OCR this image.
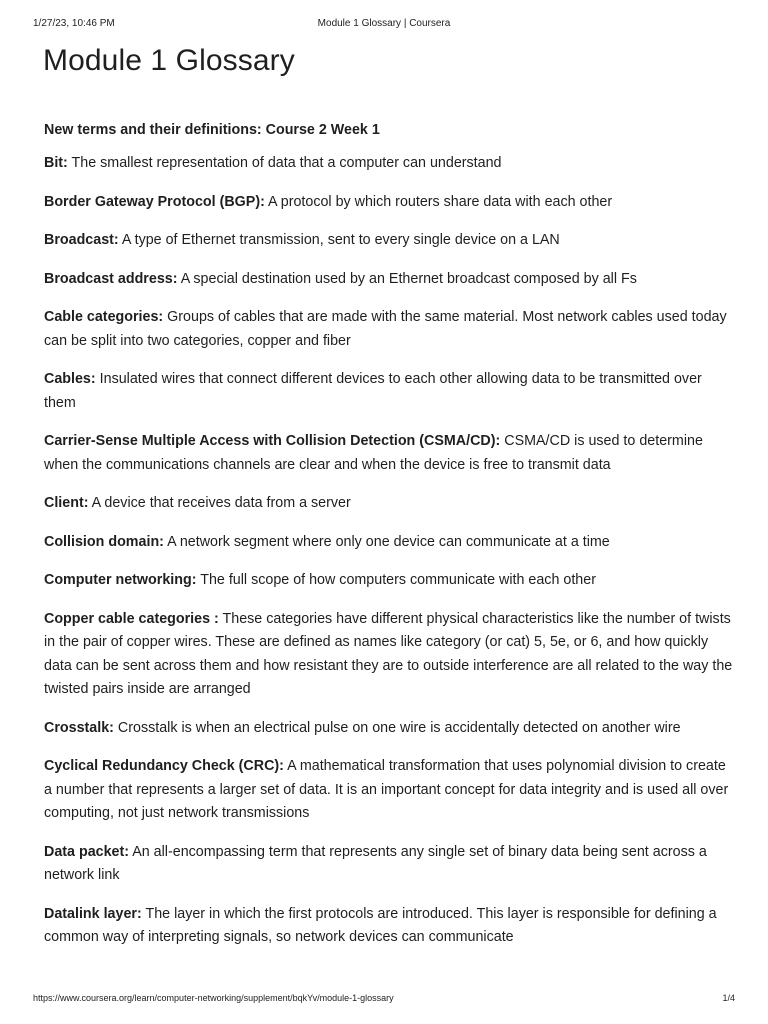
1/27/23, 10:46 PM	Module 1 Glossary | Coursera
Module 1 Glossary

New terms and their definitions: Course 2 Week 1

Bit: The smallest representation of data that a computer can understand

Border Gateway Protocol (BGP): A protocol by which routers share data with each other

Broadcast: A type of Ethernet transmission, sent to every single device on a LAN

Broadcast address: A special destination used by an Ethernet broadcast composed by all Fs

Cable categories: Groups of cables that are made with the same material. Most network cables used today can be split into two categories, copper and fiber

Cables: Insulated wires that connect different devices to each other allowing data to be transmitted over them

Carrier-Sense Multiple Access with Collision Detection (CSMA/CD): CSMA/CD is used to determine when the communications channels are clear and when the device is free to transmit data

Client: A device that receives data from a server

Collision domain: A network segment where only one device can communicate at a time

Computer networking: The full scope of how computers communicate with each other

Copper cable categories : These categories have different physical characteristics like the number of twists in the pair of copper wires. These are defined as names like category (or cat) 5, 5e, or 6, and how quickly data can be sent across them and how resistant they are to outside interference are all related to the way the twisted pairs inside are arranged

Crosstalk: Crosstalk is when an electrical pulse on one wire is accidentally detected on another wire

Cyclical Redundancy Check (CRC): A mathematical transformation that uses polynomial division to create a number that represents a larger set of data. It is an important concept for data integrity and is used all over computing, not just network transmissions

Data packet: An all-encompassing term that represents any single set of binary data being sent across a network link

Datalink layer: The layer in which the first protocols are introduced. This layer is responsible for defining a common way of interpreting signals, so network devices can communicate

https://www.coursera.org/learn/computer-networking/supplement/bqkYv/module-1-glossary	1/4
